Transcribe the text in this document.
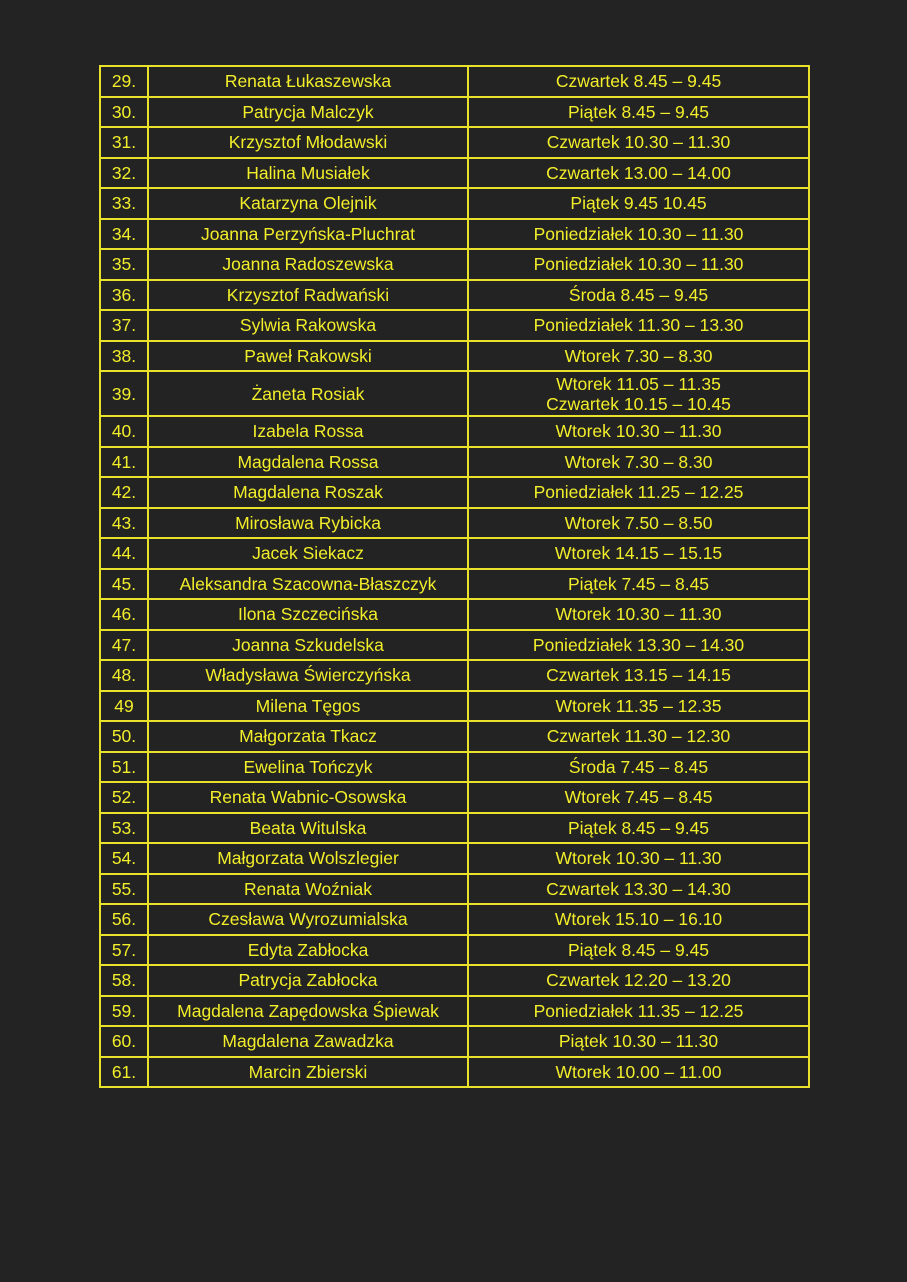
29.	Renata Łukaszewska	Czwartek 8.45 – 9.45

30.	Patrycja Malczyk	Piątek 8.45 – 9.45

31.	Krzysztof Młodawski	Czwartek 10.30 – 11.30

32.	Halina Musiałek	Czwartek 13.00 – 14.00

33.	Katarzyna Olejnik	Piątek 9.45 10.45

34.	Joanna Perzyńska-Pluchrat	Poniedziałek 10.30 – 11.30

35.	Joanna Radoszewska	Poniedziałek 10.30 – 11.30

36.	Krzysztof Radwański	Środa 8.45 – 9.45

37.	Sylwia Rakowska	Poniedziałek 11.30 – 13.30

38.	Paweł Rakowski	Wtorek 7.30 – 8.30

39.	Żaneta Rosiak	Wtorek 11.05 – 11.35
Czwartek 10.15 – 10.45

40.	Izabela Rossa	Wtorek 10.30 – 11.30

41.	Magdalena Rossa	Wtorek 7.30 – 8.30

42.	Magdalena Roszak	Poniedziałek 11.25 – 12.25

43.	Mirosława Rybicka	Wtorek 7.50 – 8.50

44.	Jacek Siekacz	Wtorek 14.15 – 15.15

45.	Aleksandra Szacowna-Błaszczyk	Piątek 7.45 – 8.45

46.	Ilona Szczecińska	Wtorek 10.30 – 11.30

47.	Joanna Szkudelska	Poniedziałek 13.30 – 14.30

48.	Władysława Świerczyńska	Czwartek 13.15 – 14.15

49	Milena Tęgos	Wtorek 11.35 – 12.35

50.	Małgorzata Tkacz	Czwartek 11.30 – 12.30

51.	Ewelina Tończyk	Środa 7.45 – 8.45

52.	Renata Wabnic-Osowska	Wtorek 7.45 – 8.45

53.	Beata Witulska	Piątek 8.45 – 9.45

54.	Małgorzata Wolszlegier	Wtorek 10.30 – 11.30

55.	Renata Woźniak	Czwartek 13.30 – 14.30

56.	Czesława Wyrozumialska	Wtorek 15.10 – 16.10

57.	Edyta Zabłocka	Piątek 8.45 – 9.45

58.	Patrycja Zabłocka	Czwartek 12.20 – 13.20

59.	Magdalena Zapędowska Śpiewak	Poniedziałek 11.35 – 12.25

60.	Magdalena Zawadzka	Piątek 10.30 – 11.30

61.	Marcin Zbierski	Wtorek 10.00 – 11.00
